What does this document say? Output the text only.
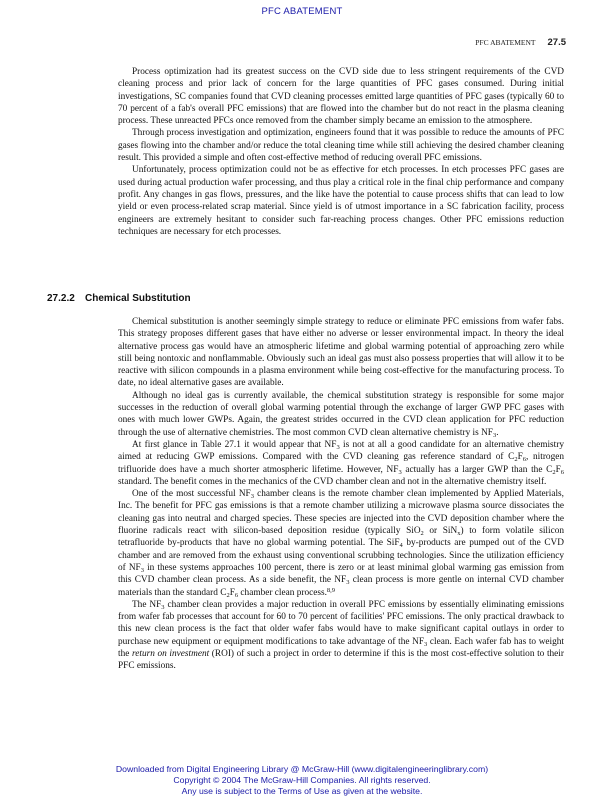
PFC ABATEMENT
PFC ABATEMENT 27.5

Process optimization had its greatest success on the CVD side due to less stringent requirements of the CVD cleaning process and prior lack of concern for the large quantities of PFC gases consumed. During initial investigations, SC companies found that CVD cleaning processes emitted large quantities of PFC gases (typically 60 to 70 percent of a fab's overall PFC emissions) that are flowed into the chamber but do not react in the plasma cleaning process. These unreacted PFCs once removed from the chamber simply became an emission to the atmosphere.

Through process investigation and optimization, engineers found that it was possible to reduce the amounts of PFC gases flowing into the chamber and/or reduce the total cleaning time while still achieving the desired chamber cleaning result. This provided a simple and often cost-effective method of reducing overall PFC emissions.

Unfortunately, process optimization could not be as effective for etch processes. In etch processes PFC gases are used during actual production wafer processing, and thus play a critical role in the final chip performance and company profit. Any changes in gas flows, pressures, and the like have the potential to cause process shifts that can lead to low yield or even process-related scrap material. Since yield is of utmost importance in a SC fabrication facility, process engineers are extremely hesitant to consider such far-reaching process changes. Other PFC emissions reduction techniques are necessary for etch processes.

27.2.2 Chemical Substitution

Chemical substitution is another seemingly simple strategy to reduce or eliminate PFC emissions from wafer fabs. This strategy proposes different gases that have either no adverse or lesser environmental impact. In theory the ideal alternative process gas would have an atmospheric lifetime and global warming potential of approaching zero while still being nontoxic and nonflammable. Obviously such an ideal gas must also possess properties that will allow it to be reactive with silicon compounds in a plasma environment while being cost-effective for the manufacturing process. To date, no ideal alternative gases are available.

Although no ideal gas is currently available, the chemical substitution strategy is responsible for some major successes in the reduction of overall global warming potential through the exchange of larger GWP PFC gases with ones with much lower GWPs. Again, the greatest strides occurred in the CVD clean application for PFC reduction through the use of alternative chemistries. The most common CVD clean alternative chemistry is $NF_3$.

At first glance in Table 27.1 it would appear that $NF_3$ is not at all a good candidate for an alternative chemistry aimed at reducing GWP emissions. Compared with the CVD cleaning gas reference standard of $C_2F_6$, nitrogen trifluoride does have a much shorter atmospheric lifetime. However, $NF_3$ actually has a larger GWP than the $C_2F_6$ standard. The benefit comes in the mechanics of the CVD chamber clean and not in the alternative chemistry itself.

One of the most successful $NF_3$ chamber cleans is the remote chamber clean implemented by Applied Materials, Inc. The benefit for PFC gas emissions is that a remote chamber utilizing a microwave plasma source dissociates the cleaning gas into neutral and charged species. These species are injected into the CVD deposition chamber where the fluorine radicals react with silicon-based deposition residue (typically SiO$_2$ or SiN$_x$) to form volatile silicon tetrafluoride by-products that have no global warming potential. The SiF$_4$ by-products are pumped out of the CVD chamber and are removed from the exhaust using conventional scrubbing technologies. Since the utilization efficiency of $NF_3$ in these systems approaches 100 percent, there is zero or at least minimal global warming gas emission from this CVD chamber clean process. As a side benefit, the $NF_3$ clean process is more gentle on internal CVD chamber materials than the standard $C_2F_6$ chamber clean process.$^{8,9}$

The $NF_3$ chamber clean provides a major reduction in overall PFC emissions by essentially eliminating emissions from wafer fab processes that account for 60 to 70 percent of facilities' PFC emissions. The only practical drawback to this new clean process is the fact that older wafer fabs would have to make significant capital outlays in order to purchase new equipment or equipment modifications to take advantage of the $NF_3$ clean. Each wafer fab has to weight the return on investment (ROI) of such a project in order to determine if this is the most cost-effective solution to their PFC emissions.

Downloaded from Digital Engineering Library @ McGraw-Hill (www.digitalengineeringlibrary.com)
Copyright © 2004 The McGraw-Hill Companies. All rights reserved.
Any use is subject to the Terms of Use as given at the website.
